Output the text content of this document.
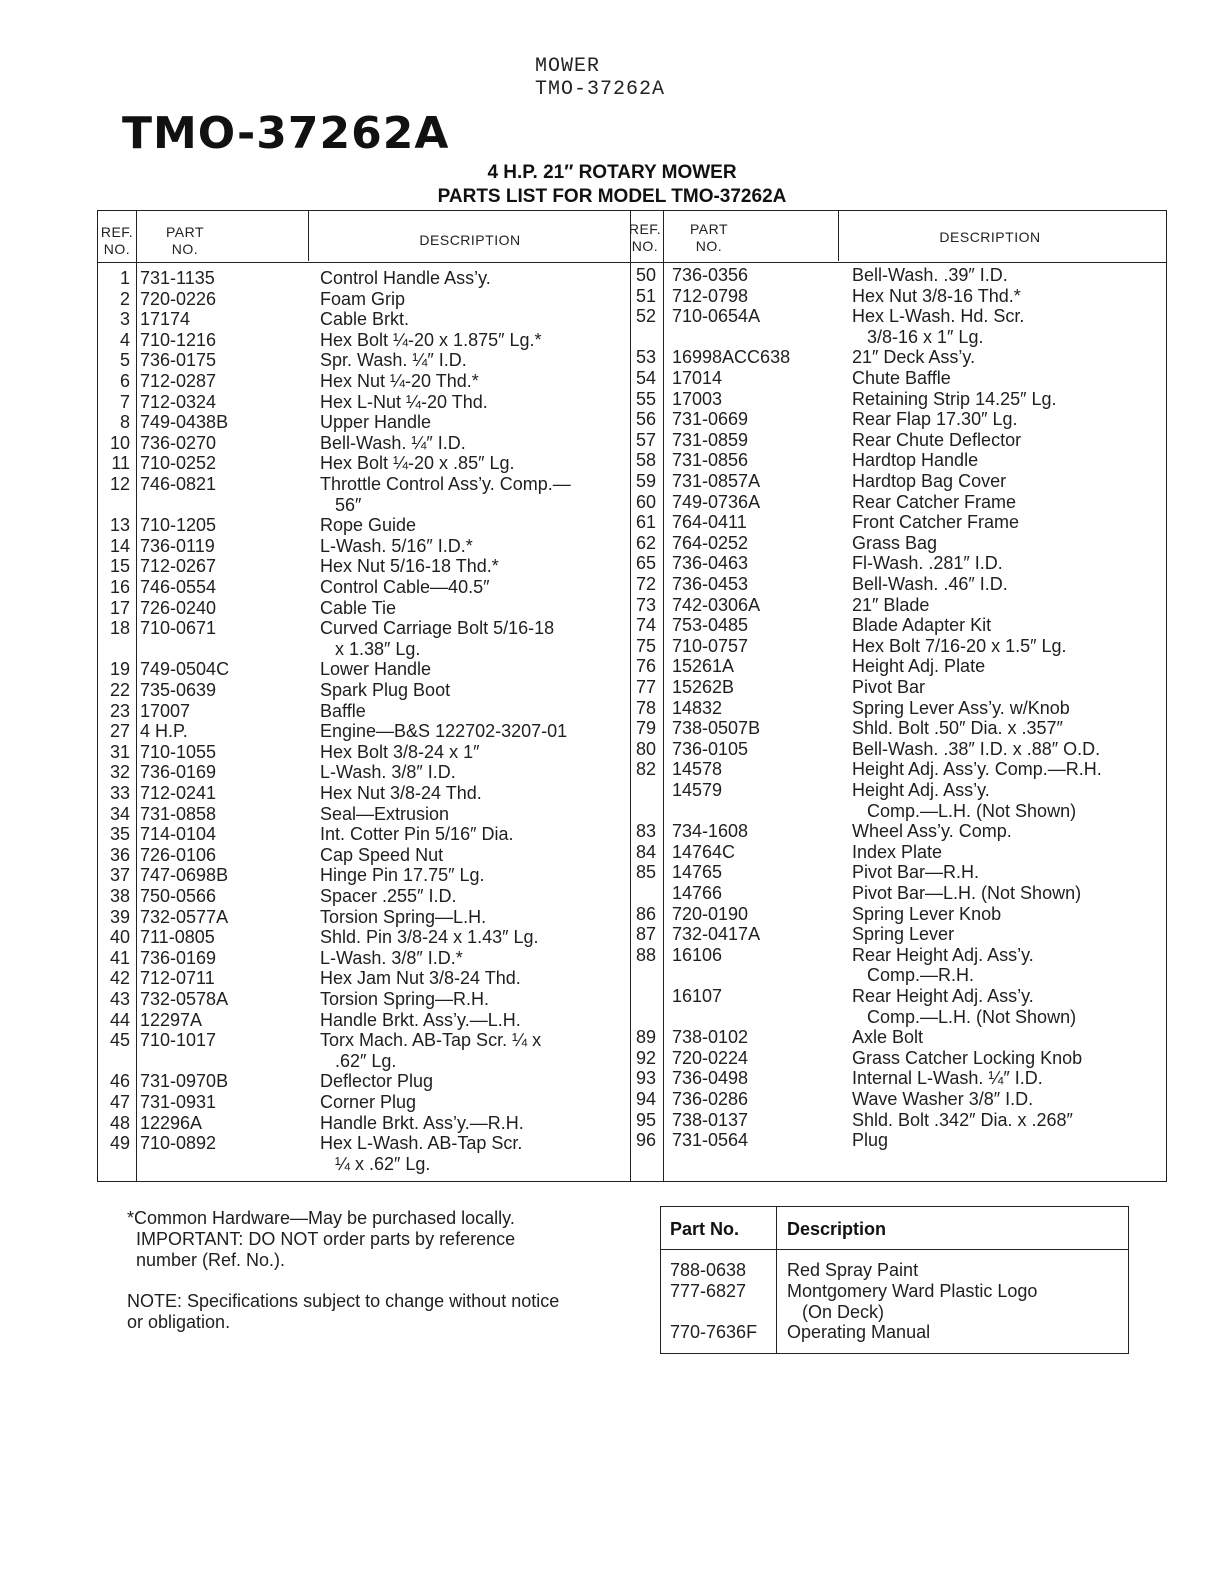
MOWER
TMO-37262A
TMO-37262A
4 H.P. 21″ ROTARY MOWER
PARTS LIST FOR MODEL TMO-37262A
REF.
NO.
PART
NO.
DESCRIPTION
REF.
NO.
PART
NO.
DESCRIPTION
1 731-1135	Control Handle Ass’y.
2 720-0226	Foam Grip
3 17174	Cable Brkt.
4 710-1216	Hex Bolt ¼-20 x 1.875″ Lg.*
5 736-0175	Spr. Wash. ¼″ I.D.
6 712-0287	Hex Nut ¼-20 Thd.*
7 712-0324	Hex L-Nut ¼-20 Thd.
8 749-0438B	Upper Handle
10 736-0270	Bell-Wash. ¼″ I.D.
11 710-0252	Hex Bolt ¼-20 x .85″ Lg.
12 746-0821	Throttle Control Ass’y. Comp.—
56″
13 710-1205	Rope Guide
14 736-0119	L-Wash. 5/16″ I.D.*
15 712-0267	Hex Nut 5/16-18 Thd.*
16 746-0554	Control Cable—40.5″
17 726-0240	Cable Tie
18 710-0671	Curved Carriage Bolt 5/16-18
x 1.38″ Lg.
19 749-0504C	Lower Handle
22 735-0639	Spark Plug Boot
23 17007	Baffle
27 4 H.P.	Engine—B&S 122702-3207-01
31 710-1055	Hex Bolt 3/8-24 x 1″
32 736-0169	L-Wash. 3/8″ I.D.
33 712-0241	Hex Nut 3/8-24 Thd.
34 731-0858	Seal—Extrusion
35 714-0104	Int. Cotter Pin 5/16″ Dia.
36 726-0106	Cap Speed Nut
37 747-0698B	Hinge Pin 17.75″ Lg.
38 750-0566	Spacer .255″ I.D.
39 732-0577A	Torsion Spring—L.H.
40 711-0805	Shld. Pin 3/8-24 x 1.43″ Lg.
41 736-0169	L-Wash. 3/8″ I.D.*
42 712-0711	Hex Jam Nut 3/8-24 Thd.
43 732-0578A	Torsion Spring—R.H.
44 12297A	Handle Brkt. Ass’y.—L.H.
45 710-1017	Torx Mach. AB-Tap Scr. ¼ x
.62″ Lg.
46 731-0970B	Deflector Plug
47 731-0931	Corner Plug
48 12296A	Handle Brkt. Ass’y.—R.H.
49 710-0892	Hex L-Wash. AB-Tap Scr.
¼ x .62″ Lg.
50 736-0356	Bell-Wash. .39″ I.D.
51 712-0798	Hex Nut 3/8-16 Thd.*
52 710-0654A	Hex L-Wash. Hd. Scr.
3/8-16 x 1″ Lg.
53 16998ACC638	21″ Deck Ass’y.
54 17014	Chute Baffle
55 17003	Retaining Strip 14.25″ Lg.
56 731-0669	Rear Flap 17.30″ Lg.
57 731-0859	Rear Chute Deflector
58 731-0856	Hardtop Handle
59 731-0857A	Hardtop Bag Cover
60 749-0736A	Rear Catcher Frame
61 764-0411	Front Catcher Frame
62 764-0252	Grass Bag
65 736-0463	Fl-Wash. .281″ I.D.
72 736-0453	Bell-Wash. .46″ I.D.
73 742-0306A	21″ Blade
74 753-0485	Blade Adapter Kit
75 710-0757	Hex Bolt 7/16-20 x 1.5″ Lg.
76 15261A	Height Adj. Plate
77 15262B	Pivot Bar
78 14832	Spring Lever Ass’y. w/Knob
79 738-0507B	Shld. Bolt .50″ Dia. x .357″
80 736-0105	Bell-Wash. .38″ I.D. x .88″ O.D.
82 14578	Height Adj. Ass’y. Comp.—R.H.
14579	Height Adj. Ass’y.
Comp.—L.H. (Not Shown)
83 734-1608	Wheel Ass’y. Comp.
84 14764C	Index Plate
85 14765	Pivot Bar—R.H.
14766	Pivot Bar—L.H. (Not Shown)
86 720-0190	Spring Lever Knob
87 732-0417A	Spring Lever
88 16106	Rear Height Adj. Ass’y.
Comp.—R.H.
16107	Rear Height Adj. Ass’y.
Comp.—L.H. (Not Shown)
89 738-0102	Axle Bolt
92 720-0224	Grass Catcher Locking Knob
93 736-0498	Internal L-Wash. ¼″ I.D.
94 736-0286	Wave Washer 3/8″ I.D.
95 738-0137	Shld. Bolt .342″ Dia. x .268″
96 731-0564	Plug
*Common Hardware—May be purchased locally.
IMPORTANT: DO NOT order parts by reference
number (Ref. No.).
NOTE: Specifications subject to change without notice
or obligation.
Part No.	Description
788-0638 Red Spray Paint
777-6827 Montgomery Ward Plastic Logo
(On Deck)
770-7636F Operating Manual
